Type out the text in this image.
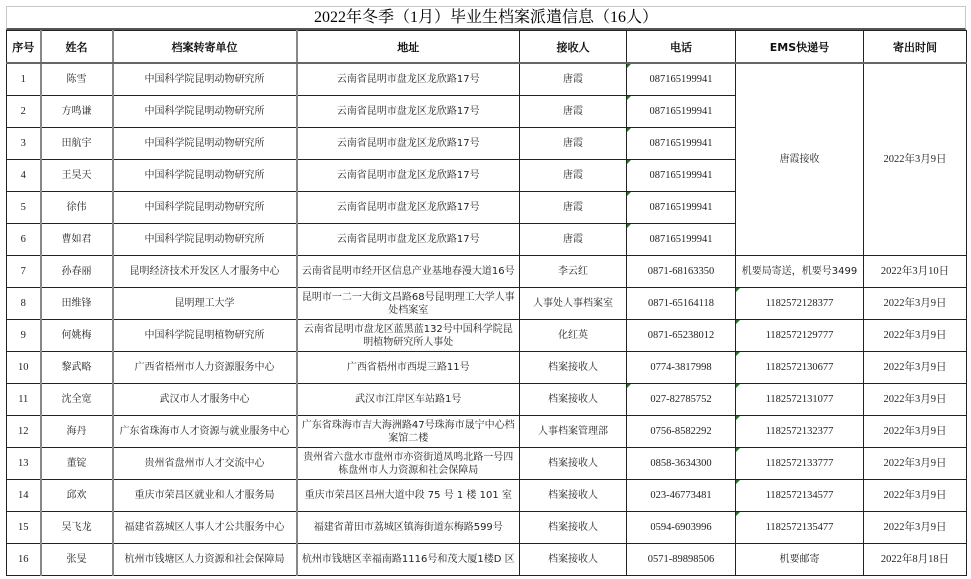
2022年冬季（1月）毕业生档案派遣信息（16人）
序号	姓名	档案转寄单位	地址	接收人	电话	EMS快递号	寄出时间
1	陈雪	中国科学院昆明动物研究所	云南省昆明市盘龙区龙欣路17号	唐霞	087165199941	唐霞接收	2022年3月9日
2	方鸣谦	中国科学院昆明动物研究所	云南省昆明市盘龙区龙欣路17号	唐霞	087165199941		
3	田航宇	中国科学院昆明动物研究所	云南省昆明市盘龙区龙欣路17号	唐霞	087165199941		
4	王昊天	中国科学院昆明动物研究所	云南省昆明市盘龙区龙欣路17号	唐霞	087165199941		
5	徐伟	中国科学院昆明动物研究所	云南省昆明市盘龙区龙欣路17号	唐霞	087165199941		
6	曹如君	中国科学院昆明动物研究所	云南省昆明市盘龙区龙欣路17号	唐霞	087165199941		
7	孙春丽	昆明经济技术开发区人才服务中心	云南省昆明市经开区信息产业基地春漫大道16号	李云红	0871-68163350	机要局寄送，机要号3499	2022年3月10日
8	田维锋	昆明理工大学	昆明市一二一大街文昌路68号昆明理工大学人事处档案室	人事处人事档案室	0871-65164118	1182572128377	2022年3月9日
9	何姚梅	中国科学院昆明植物研究所	云南省昆明市盘龙区蓝黑蓝132号中国科学院昆明植物研究所人事处	化红英	0871-65238012	1182572129777	2022年3月9日
10	黎武略	广西省梧州市人力资源服务中心	广西省梧州市西堤三路11号	档案接收人	0774-3817998	1182572130677	2022年3月9日
11	沈全宽	武汉市人才服务中心	武汉市江岸区车站路1号	档案接收人	027-82785752	1182572131077	2022年3月9日
12	海丹	广东省珠海市人才资源与就业服务中心	广东省珠海市吉大海洲路47号珠海市晟宁中心档案馆二楼	人事档案管理部	0756-8582292	1182572132377	2022年3月9日
13	董锭	贵州省盘州市人才交流中心	贵州省六盘水市盘州市亦资街道凤鸣北路一号四栋盘州市人力资源和社会保障局	档案接收人	0858-3634300	1182572133777	2022年3月9日
14	邱欢	重庆市荣昌区就业和人才服务局	重庆市荣昌区昌州大道中段 75 号 1 楼 101 室	档案接收人	023-46773481	1182572134577	2022年3月9日
15	吴飞龙	福建省荔城区人事人才公共服务中心	福建省莆田市荔城区镇海街道东梅路599号	档案接收人	0594-6903996	1182572135477	2022年3月9日
16	张旻	杭州市钱塘区人力资源和社会保障局	杭州市钱塘区幸福南路1116号和茂大厦1楼D 区	档案接收人	0571-89898506	机要邮寄	2022年8月18日
